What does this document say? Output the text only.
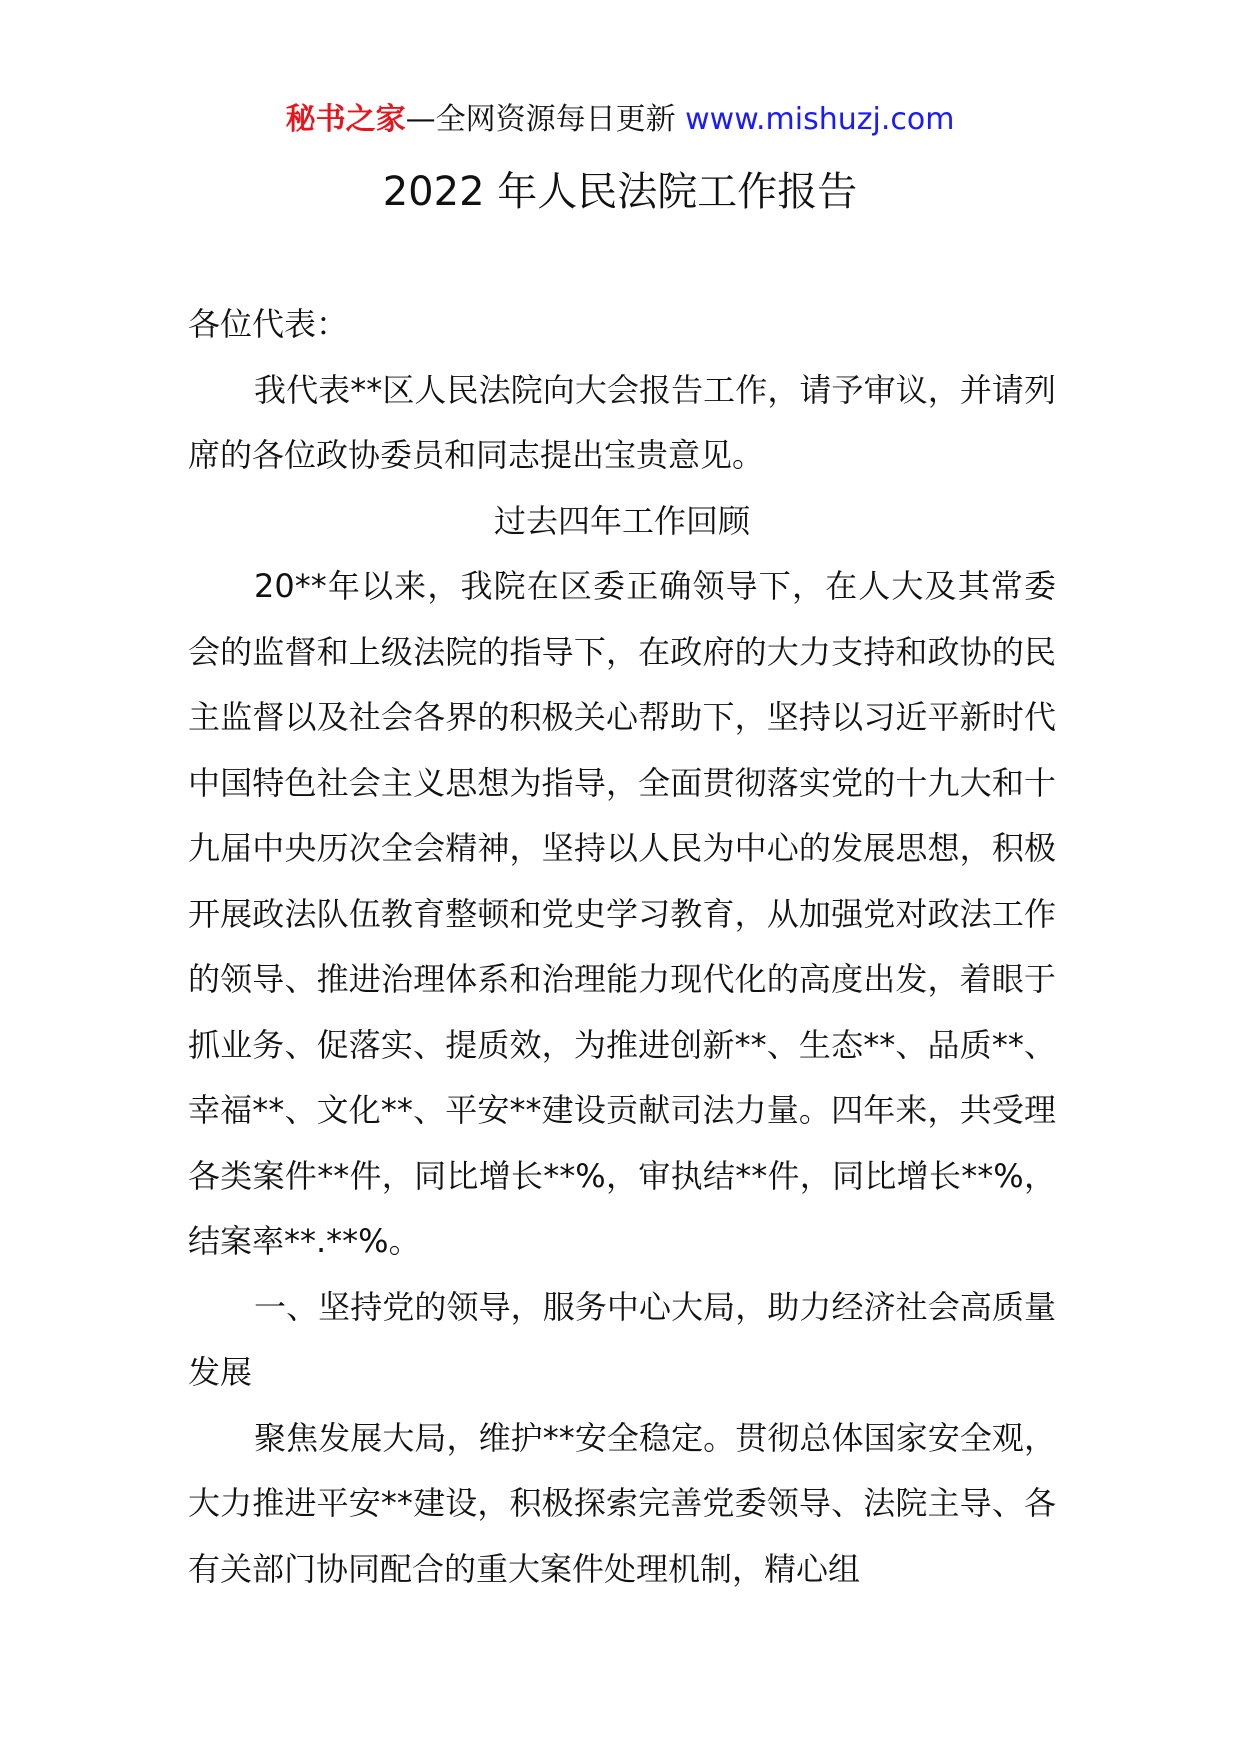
秘书之家—全网资源每日更新 www.mishuzj.com
2022 年人民法院工作报告

各位代表：

我代表**区人民法院向大会报告工作，请予审议，并请列席的各位政协委员和同志提出宝贵意见。

过去四年工作回顾

20**年以来，我院在区委正确领导下，在人大及其常委会的监督和上级法院的指导下，在政府的大力支持和政协的民主监督以及社会各界的积极关心帮助下，坚持以习近平新时代中国特色社会主义思想为指导，全面贯彻落实党的十九大和十九届中央历次全会精神，坚持以人民为中心的发展思想，积极开展政法队伍教育整顿和党史学习教育，从加强党对政法工作的领导、推进治理体系和治理能力现代化的高度出发，着眼于抓业务、促落实、提质效，为推进创新**、生态**、品质**、幸福**、文化**、平安**建设贡献司法力量。四年来，共受理各类案件**件，同比增长**%，审执结**件，同比增长**%，结案率**.**%。

一、坚持党的领导，服务中心大局，助力经济社会高质量发展

聚焦发展大局，维护**安全稳定。贯彻总体国家安全观，大力推进平安**建设，积极探索完善党委领导、法院主导、各有关部门协同配合的重大案件处理机制，精心组
